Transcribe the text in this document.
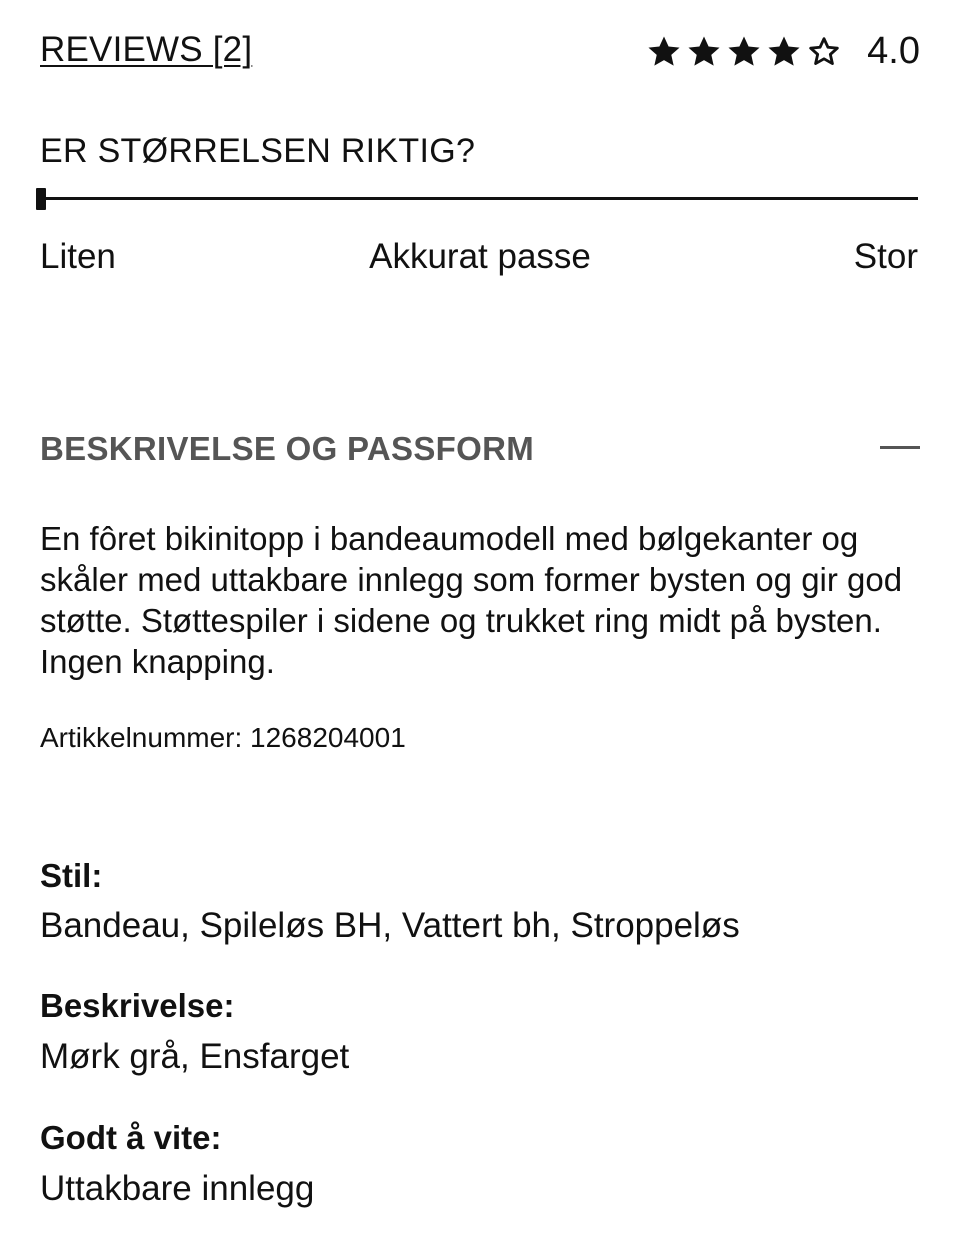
REVIEWS [2]	4.0
ER STØRRELSEN RIKTIG?
Liten	Akkurat passe	Stor
BESKRIVELSE OG PASSFORM
En fôret bikinitopp i bandeaumodell med bølgekanter og skåler med uttakbare innlegg som former bysten og gir god støtte. Støttespiler i sidene og trukket ring midt på bysten. Ingen knapping.
Artikkelnummer: 1268204001
Stil:
Bandeau, Spileløs BH, Vattert bh, Stroppeløs
Beskrivelse:
Mørk grå, Ensfarget
Godt å vite:
Uttakbare innlegg
